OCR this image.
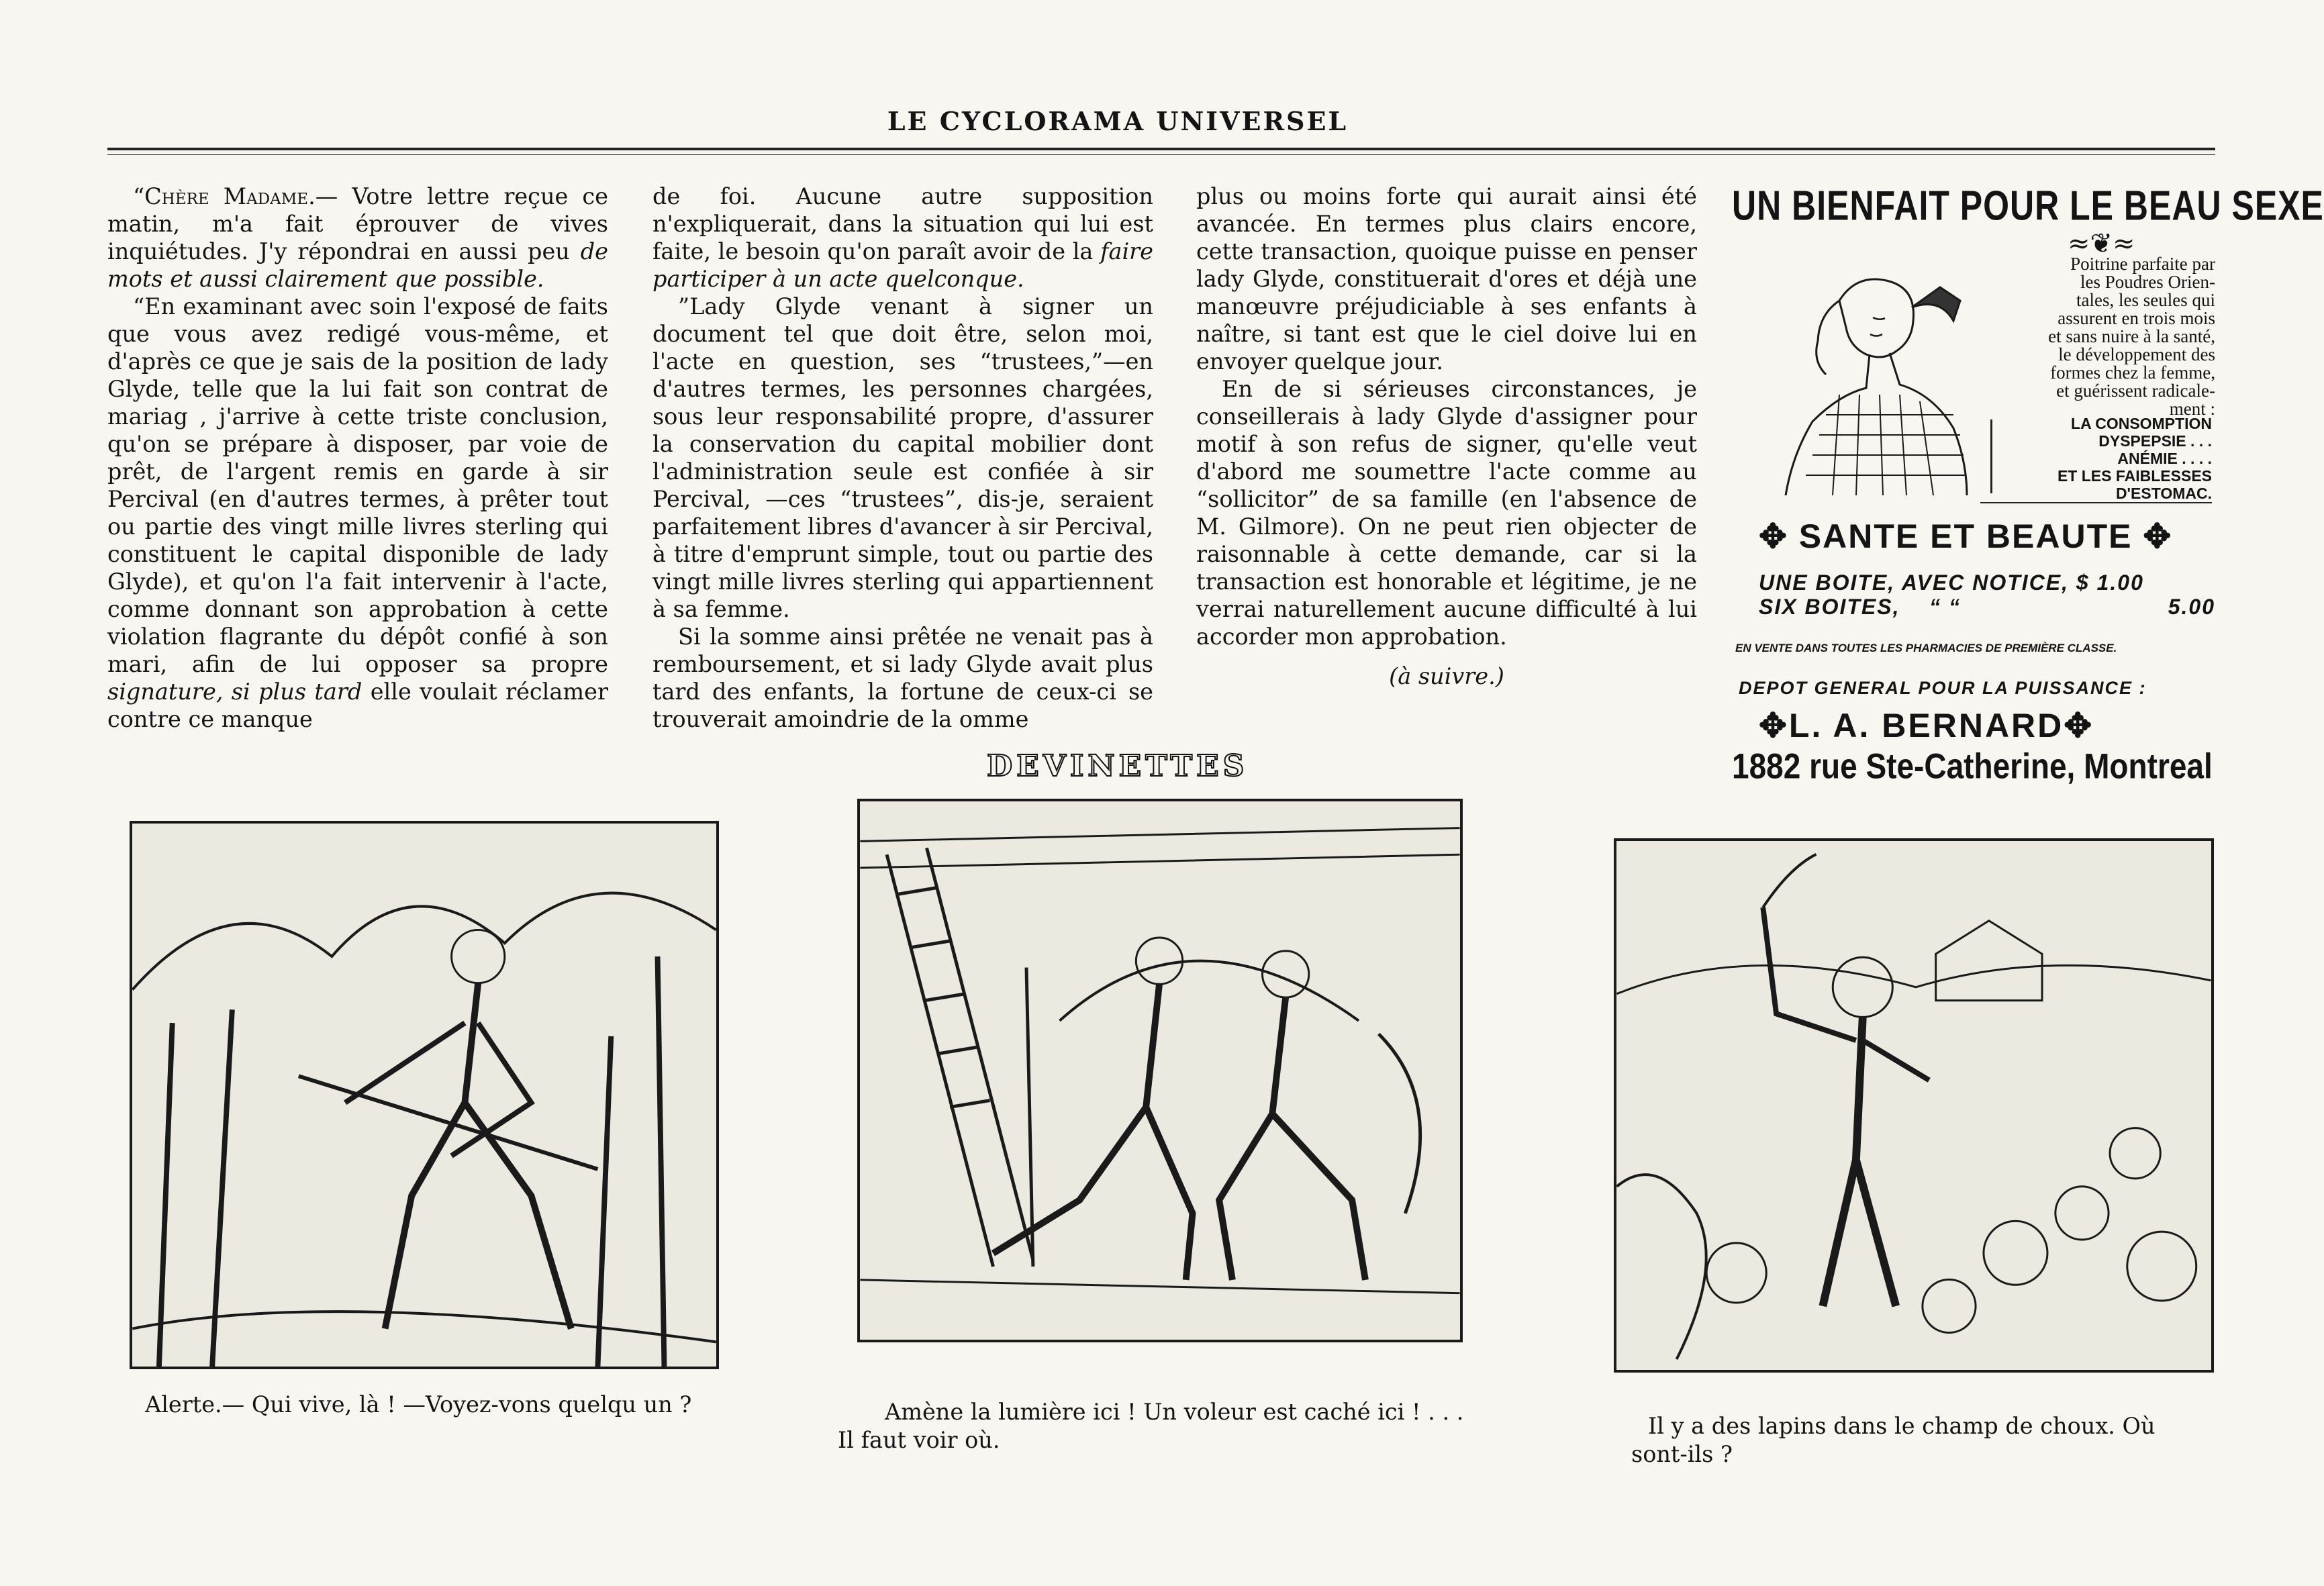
LE CYCLORAMA UNIVERSEL

“Chère Madame.— Votre lettre reçue ce matin, m'a fait éprouver de vives inquiétudes. J'y répondrai en aussi peu de mots et aussi clairement que possible.

“En examinant avec soin l'exposé de faits que vous avez redigé vous-même, et d'après ce que je sais de la position de lady Glyde, telle que la lui fait son contrat de mariag , j'arrive à cette triste conclusion, qu'on se prépare à disposer, par voie de prêt, de l'argent remis en garde à sir Percival (en d'autres termes, à prêter tout ou partie des vingt mille livres sterling qui constituent le capital disponible de lady Glyde), et qu'on l'a fait intervenir à l'acte, comme donnant son approbation à cette violation flagrante du dépôt confié à son mari, afin de lui opposer sa propre signature, si plus tard elle voulait réclamer contre ce manque

de foi. Aucune autre supposition n'expliquerait, dans la situation qui lui est faite, le besoin qu'on paraît avoir de la faire participer à un acte quelconque.

”Lady Glyde venant à signer un document tel que doit être, selon moi, l'acte en question, ses “trustees,”—en d'autres termes, les personnes chargées, sous leur responsabilité propre, d'assurer la conservation du capital mobilier dont l'administration seule est confiée à sir Percival, —ces “trustees”, dis-je, seraient parfaitement libres d'avancer à sir Percival, à titre d'emprunt simple, tout ou partie des vingt mille livres sterling qui appartiennent à sa femme.

Si la somme ainsi prêtée ne venait pas à remboursement, et si lady Glyde avait plus tard des enfants, la fortune de ceux-ci se trouverait amoindrie de la omme

plus ou moins forte qui aurait ainsi été avancée. En termes plus clairs encore, cette transaction, quoique puisse en penser lady Glyde, constituerait d'ores et déjà une manœuvre préjudiciable à ses enfants à naître, si tant est que le ciel doive lui en envoyer quelque jour.

En de si sérieuses circonstances, je conseillerais à lady Glyde d'assigner pour motif à son refus de signer, qu'elle veut d'abord me soumettre l'acte comme au “sollicitor” de sa famille (en l'absence de M. Gilmore). On ne peut rien objecter de raisonnable à cette demande, car si la transaction est honorable et légitime, je ne verrai naturellement aucune difficulté à lui accorder mon approbation.

(à suivre.)
UN BIENFAIT POUR LE BEAU SEXE
≈❦≈
Poitrine parfaite par
les Poudres Orien-
tales, les seules qui
assurent en trois mois
et sans nuire à la santé,
le développement des
formes chez la femme,
et guérissent radicale-
ment :
LA CONSOMPTION
DYSPEPSIE . . .
ANÉMIE . . . .
ET LES FAIBLESSES
D'ESTOMAC.
✥ SANTE ET BEAUTE ✥
UNE BOITE, AVEC NOTICE, $ 1.00
SIX BOITES, “ “	5.00
EN VENTE DANS TOUTES LES PHARMACIES DE PREMIÈRE CLASSE.
DEPOT GENERAL POUR LA PUISSANCE :
✥L. A. BERNARD✥
1882 rue Ste-Catherine, Montreal
DEVINETTES
Alerte.— Qui vive, là ! —Voyez-vons quelqu un ?	Amène la lumière ici ! Un voleur est caché ici ! . . .
Il faut voir où.
Il y a des lapins dans le champ de choux. Où
sont-ils ?
